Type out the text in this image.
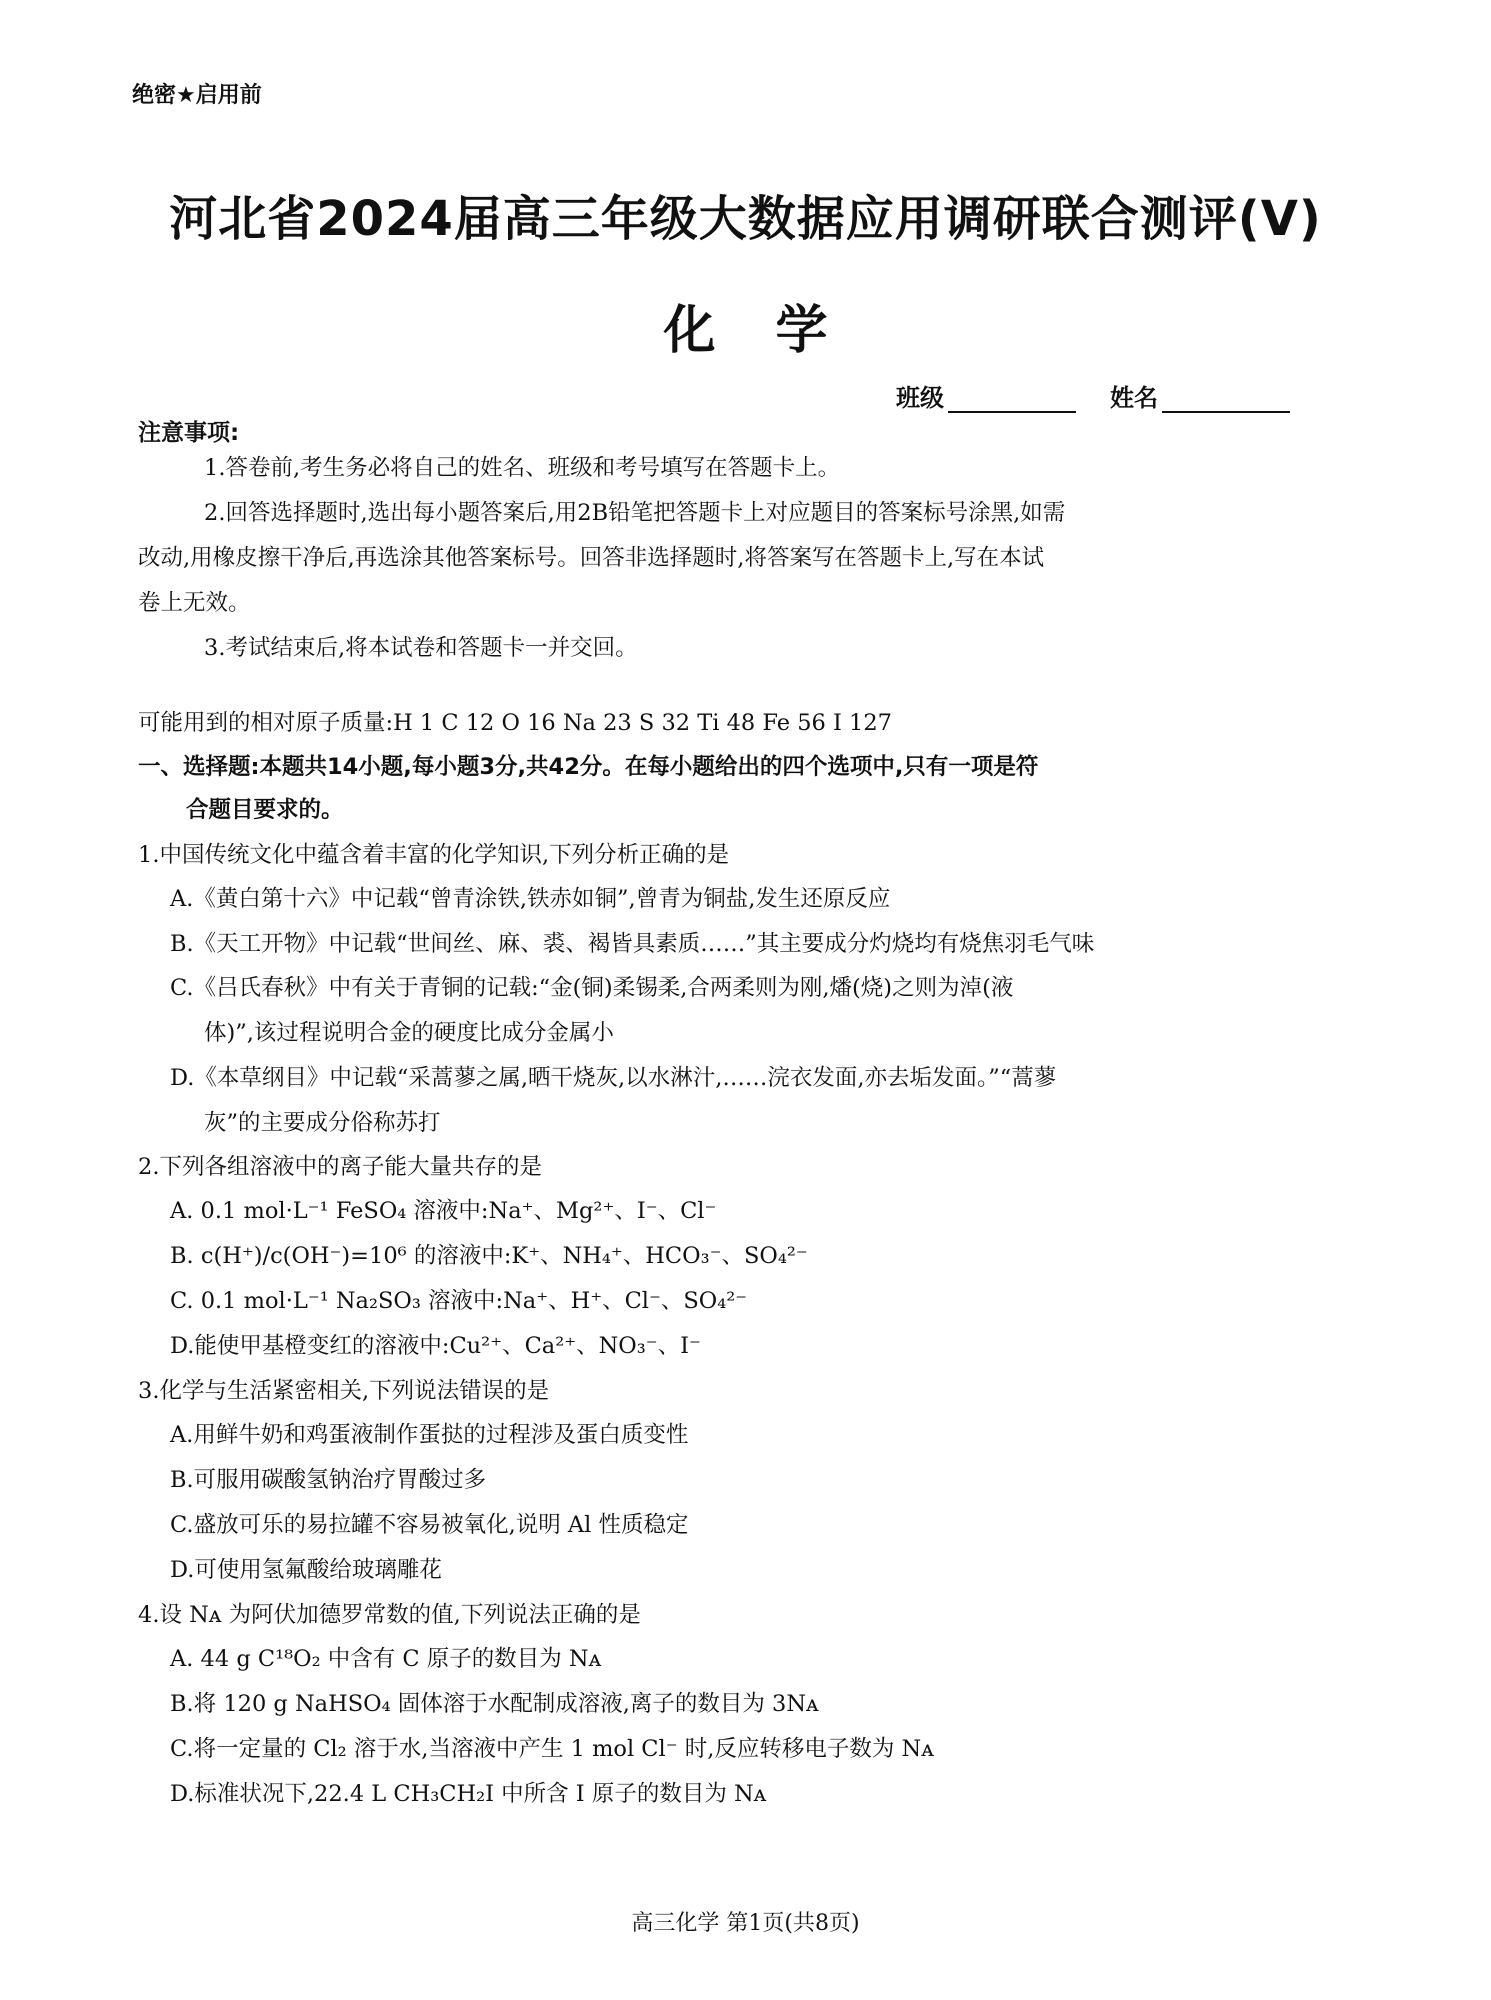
绝密★启用前
河北省2024届高三年级大数据应用调研联合测评(Ⅴ)
化学
班级	姓名
注意事项:
1.答卷前,考生务必将自己的姓名、班级和考号填写在答题卡上。
2.回答选择题时,选出每小题答案后,用2B铅笔把答题卡上对应题目的答案标号涂黑,如需
改动,用橡皮擦干净后,再选涂其他答案标号。回答非选择题时,将答案写在答题卡上,写在本试
卷上无效。
3.考试结束后,将本试卷和答题卡一并交回。
可能用到的相对原子质量:H 1 C 12 O 16 Na 23 S 32 Ti 48 Fe 56 I 127
一、选择题:本题共14小题,每小题3分,共42分。在每小题给出的四个选项中,只有一项是符
合题目要求的。
1.中国传统文化中蕴含着丰富的化学知识,下列分析正确的是
A.《黄白第十六》中记载“曾青涂铁,铁赤如铜”,曾青为铜盐,发生还原反应
B.《天工开物》中记载“世间丝、麻、裘、褐皆具素质……”其主要成分灼烧均有烧焦羽毛气味
C.《吕氏春秋》中有关于青铜的记载:“金(铜)柔锡柔,合两柔则为刚,燔(烧)之则为淖(液
体)”,该过程说明合金的硬度比成分金属小
D.《本草纲目》中记载“采蒿蓼之属,晒干烧灰,以水淋汁,……浣衣发面,亦去垢发面。”“蒿蓼
灰”的主要成分俗称苏打
2.下列各组溶液中的离子能大量共存的是
A. 0.1 mol·L⁻¹ FeSO₄ 溶液中:Na⁺、Mg²⁺、I⁻、Cl⁻
B. c(H⁺)/c(OH⁻)=10⁶ 的溶液中:K⁺、NH₄⁺、HCO₃⁻、SO₄²⁻
C. 0.1 mol·L⁻¹ Na₂SO₃ 溶液中:Na⁺、H⁺、Cl⁻、SO₄²⁻
D.能使甲基橙变红的溶液中:Cu²⁺、Ca²⁺、NO₃⁻、I⁻
3.化学与生活紧密相关,下列说法错误的是
A.用鲜牛奶和鸡蛋液制作蛋挞的过程涉及蛋白质变性
B.可服用碳酸氢钠治疗胃酸过多
C.盛放可乐的易拉罐不容易被氧化,说明 Al 性质稳定
D.可使用氢氟酸给玻璃雕花
4.设 Nᴀ 为阿伏加德罗常数的值,下列说法正确的是
A. 44 g C¹⁸O₂ 中含有 C 原子的数目为 Nᴀ
B.将 120 g NaHSO₄ 固体溶于水配制成溶液,离子的数目为 3Nᴀ
C.将一定量的 Cl₂ 溶于水,当溶液中产生 1 mol Cl⁻ 时,反应转移电子数为 Nᴀ
D.标准状况下,22.4 L CH₃CH₂I 中所含 I 原子的数目为 Nᴀ
高三化学 第1页(共8页)
